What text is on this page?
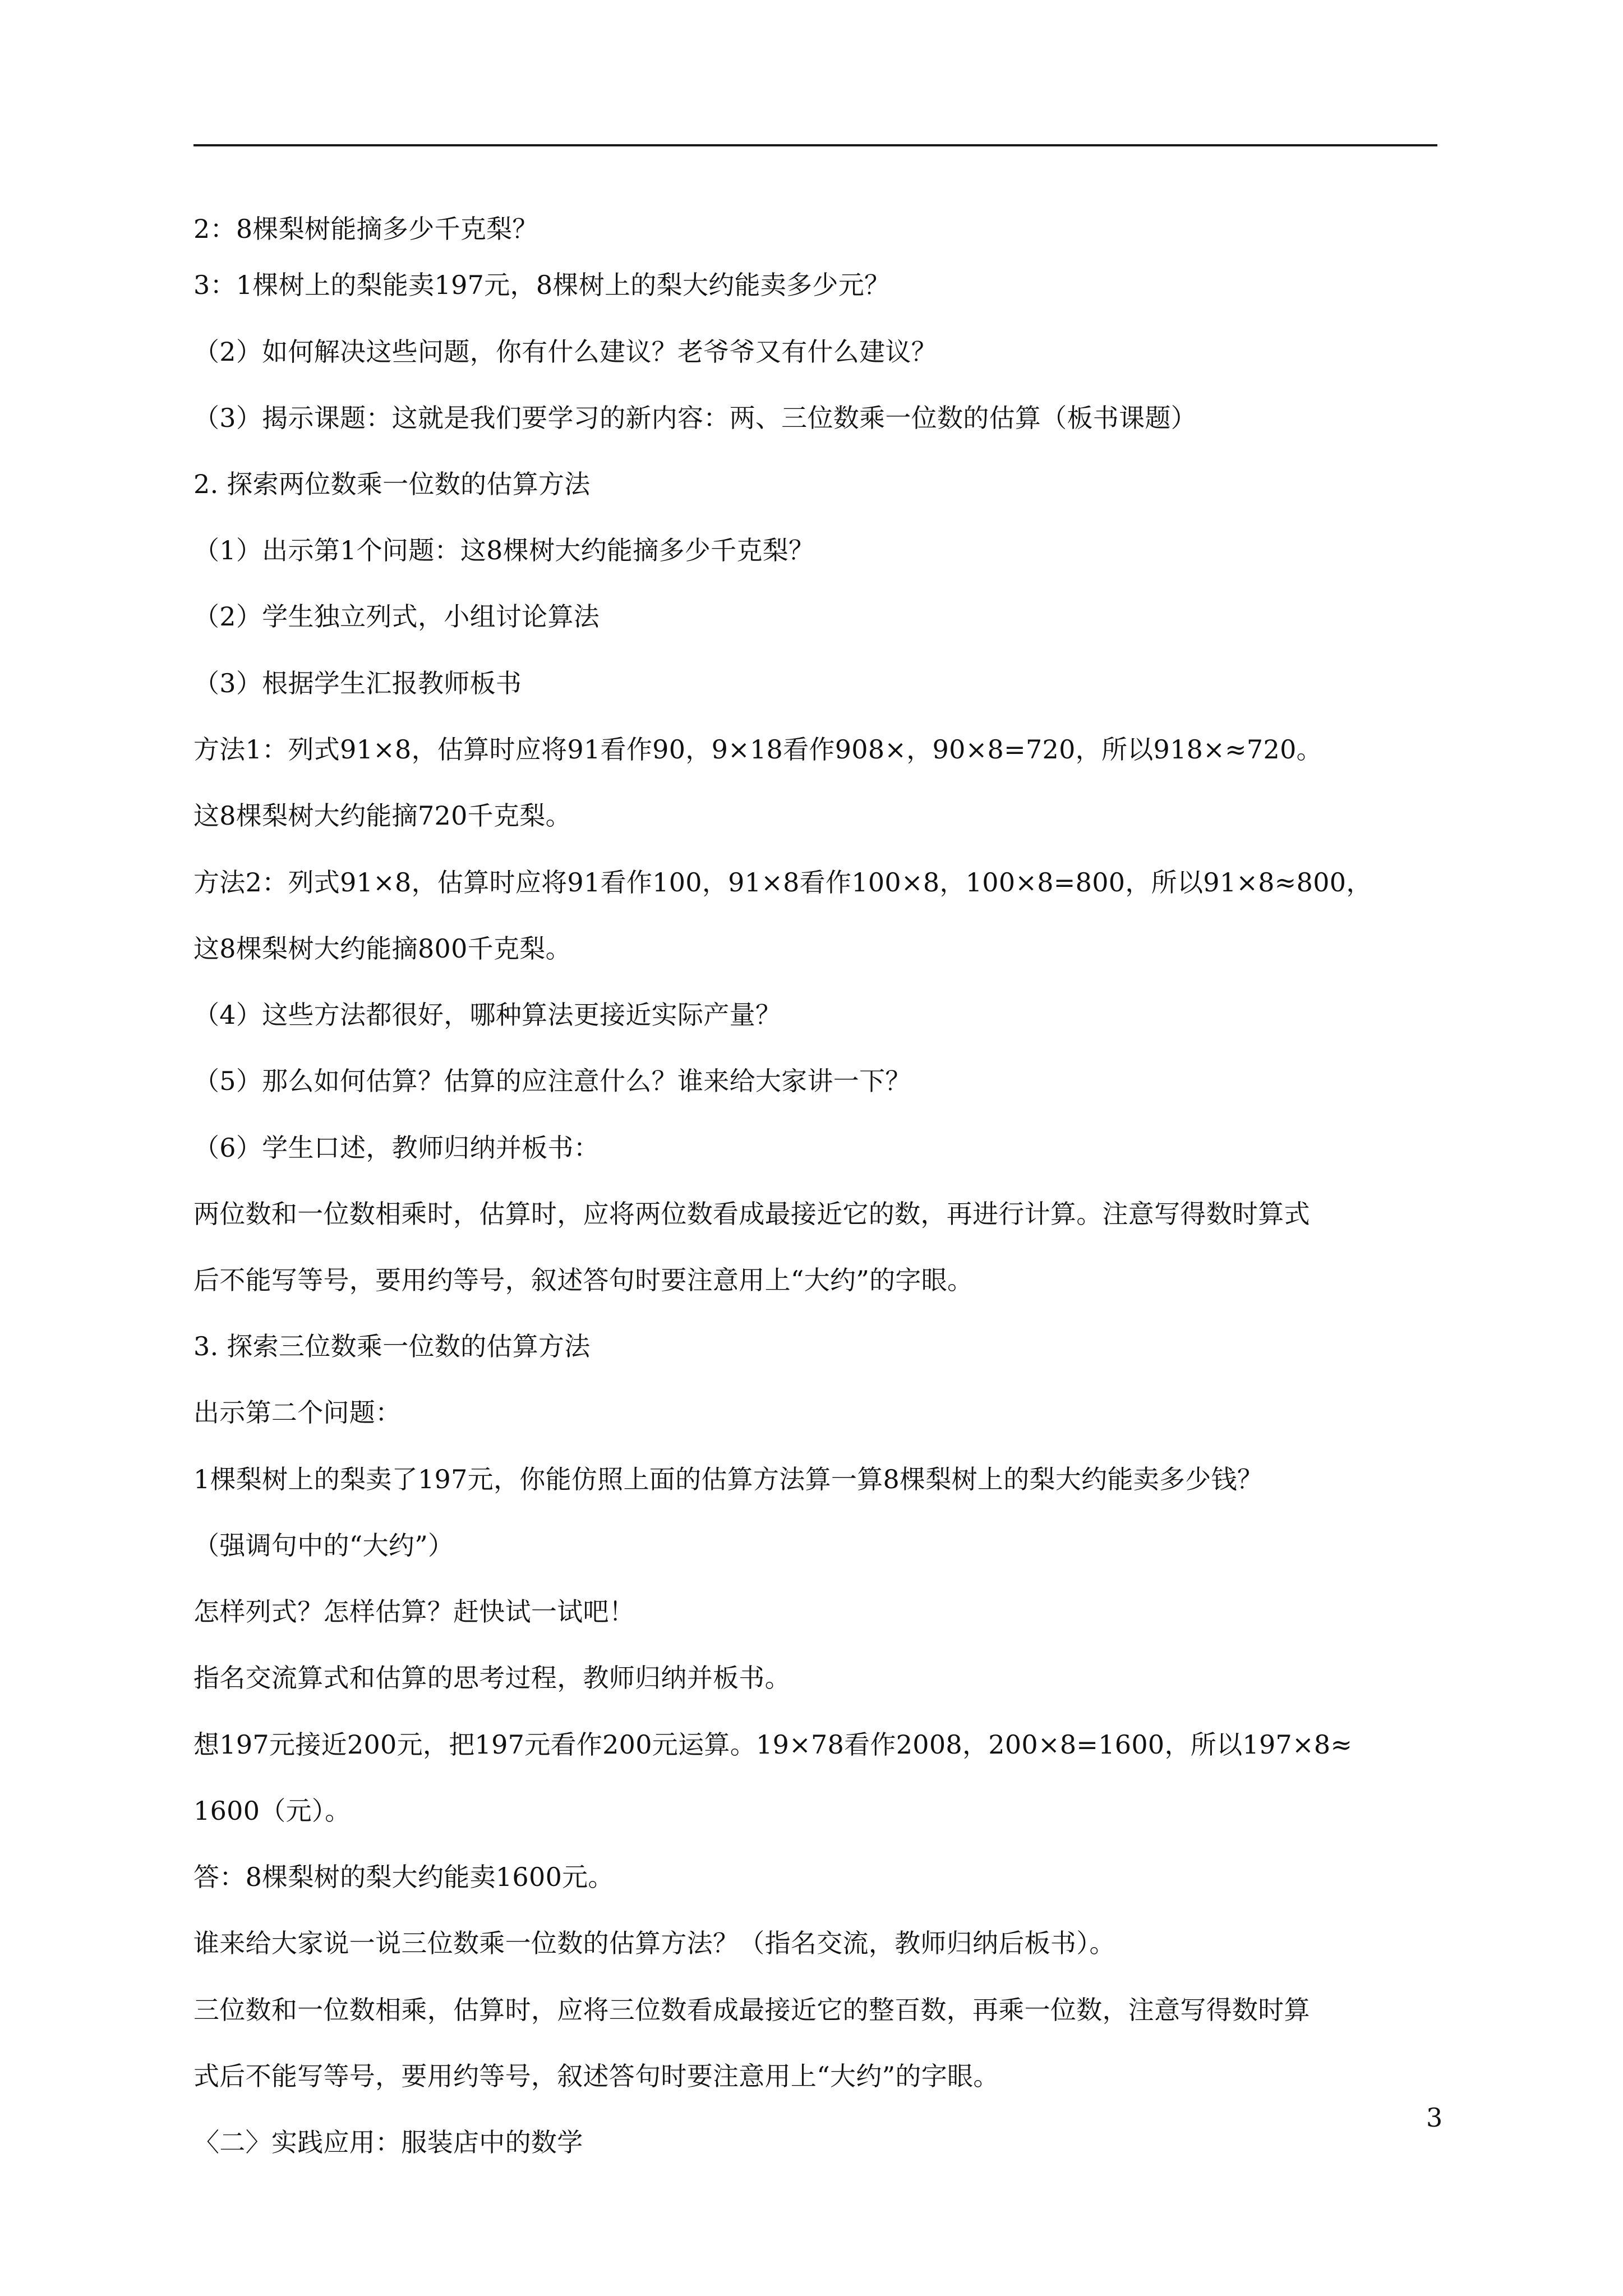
2：8棵梨树能摘多少千克梨？
3：1棵树上的梨能卖197元，8棵树上的梨大约能卖多少元？
（2）如何解决这些问题，你有什么建议？老爷爷又有什么建议？
（3）揭示课题：这就是我们要学习的新内容：两、三位数乘一位数的估算（板书课题）
2. 探索两位数乘一位数的估算方法
（1）出示第1个问题：这8棵树大约能摘多少千克梨？
（2）学生独立列式，小组讨论算法
（3）根据学生汇报教师板书
方法1：列式91×8，估算时应将91看作90，9×18看作908×，90×8=720，所以918×≈720。
这8棵梨树大约能摘720千克梨。
方法2：列式91×8，估算时应将91看作100，91×8看作100×8，100×8=800，所以91×8≈800，
这8棵梨树大约能摘800千克梨。
（4）这些方法都很好，哪种算法更接近实际产量？
（5）那么如何估算？估算的应注意什么？谁来给大家讲一下？
（6）学生口述，教师归纳并板书：
两位数和一位数相乘时，估算时，应将两位数看成最接近它的数，再进行计算。注意写得数时算式
后不能写等号，要用约等号，叙述答句时要注意用上“大约”的字眼。
3. 探索三位数乘一位数的估算方法
出示第二个问题：
1棵梨树上的梨卖了197元，你能仿照上面的估算方法算一算8棵梨树上的梨大约能卖多少钱？
（强调句中的“大约”）
怎样列式？怎样估算？赶快试一试吧！
指名交流算式和估算的思考过程，教师归纳并板书。
想197元接近200元，把197元看作200元运算。19×78看作2008，200×8=1600，所以197×8≈
1600（元）。
答：8棵梨树的梨大约能卖1600元。
谁来给大家说一说三位数乘一位数的估算方法？（指名交流，教师归纳后板书）。
三位数和一位数相乘，估算时，应将三位数看成最接近它的整百数，再乘一位数，注意写得数时算
式后不能写等号，要用约等号，叙述答句时要注意用上“大约”的字眼。
〈二〉实践应用：服装店中的数学
3
